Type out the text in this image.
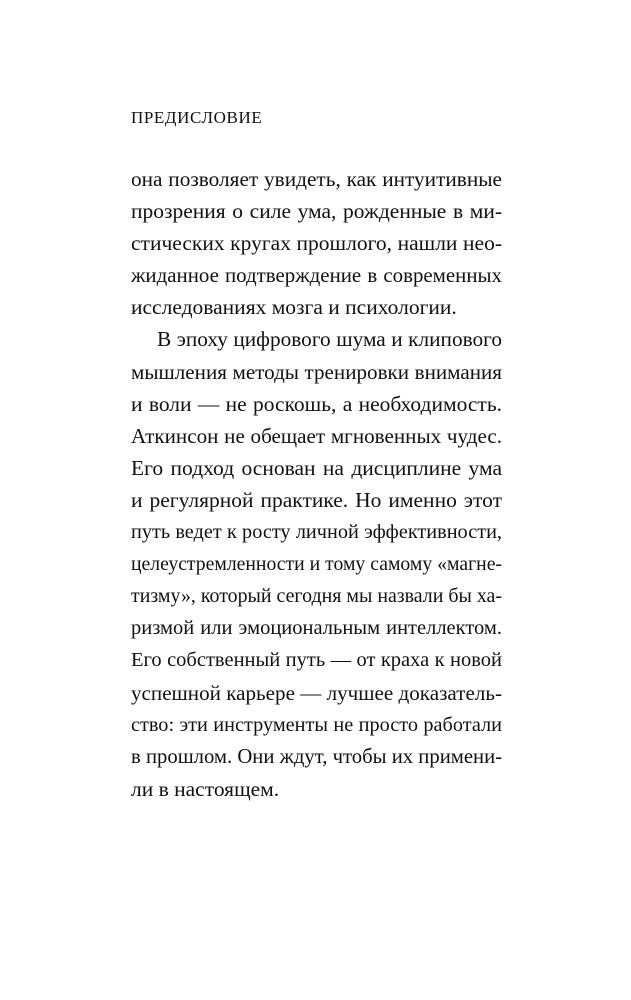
ПРЕДИСЛОВИЕ
она позволяет увидеть, как интуитивные
прозрения о силе ума, рожденные в ми-
стических кругах прошлого, нашли нео-
жиданное подтверждение в современных
исследованиях мозга и психологии.
В эпоху цифрового шума и клипового
мышления методы тренировки внимания
и воли — не роскошь, а необходимость.
Аткинсон не обещает мгновенных чудес.
Его подход основан на дисциплине ума
и регулярной практике. Но именно этот
путь ведет к росту личной эффективности,
целеустремленности и тому самому «магне-
тизму», который сегодня мы назвали бы ха-
ризмой или эмоциональным интеллектом.
Его собственный путь — от краха к новой
успешной карьере — лучшее доказатель-
ство: эти инструменты не просто работали
в прошлом. Они ждут, чтобы их примени-
ли в настоящем.
